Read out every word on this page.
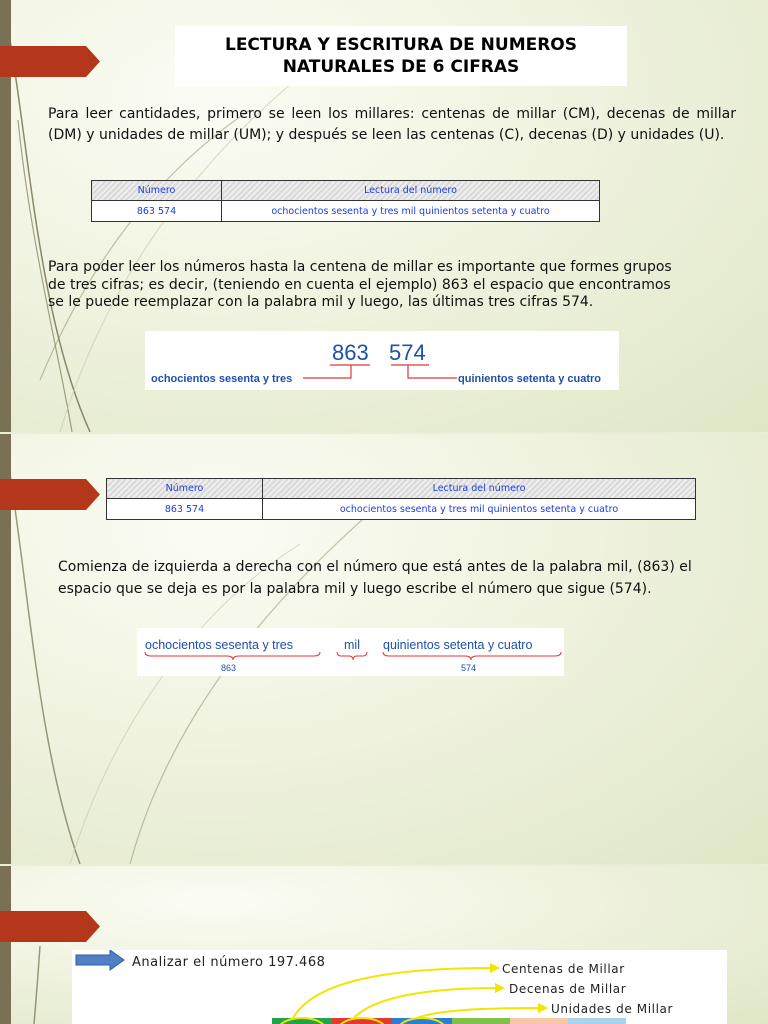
LECTURA Y ESCRITURA DE NUMEROS
NATURALES DE 6 CIFRAS

Para leer cantidades, primero se leen los millares: centenas de millar (CM), decenas de millar (DM) y unidades de millar (UM); y después se leen las centenas (C), decenas (D) y unidades (U).

Número	Lectura del número
863 574	ochocientos sesenta y tres mil quinientos setenta y cuatro

Para poder leer los números hasta la centena de millar es importante que formes grupos de tres cifras; es decir, (teniendo en cuenta el ejemplo) 863 el espacio que encontramos se le puede reemplazar con la palabra mil y luego, las últimas tres cifras 574.

863 574
ochocientos sesenta y tres	quinientos setenta y cuatro
Número	Lectura del número
863 574	ochocientos sesenta y tres mil quinientos setenta y cuatro

Comienza de izquierda a derecha con el número que está antes de la palabra mil, (863) el espacio que se deja es por la palabra mil y luego escribe el número que sigue (574).

ochocientos sesenta y tres	mil quinientos setenta y cuatro
863	574
Analizar el número 197.468	Centenas de Millar
Decenas de Millar
Unidades de Millar
